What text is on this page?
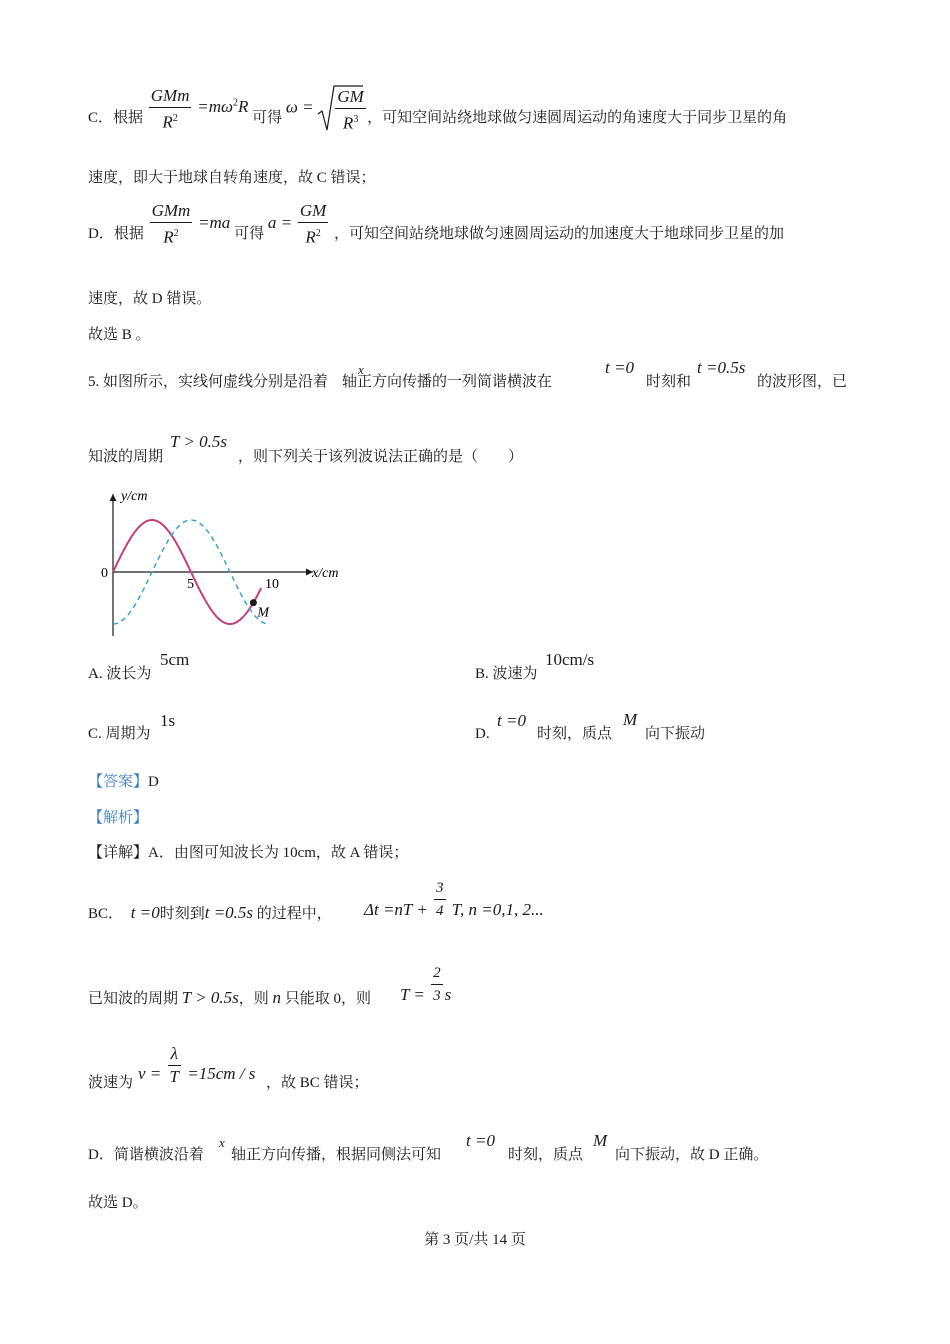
C．根据 $\frac{\text{GMm}}{R^2} =m\omega^2R$ 可得 $\omega = \frac{GM}{R^3}$ ，可知空间站绕地球做匀速圆周运动的角速度大于同步卫星的角
速度，即大于地球自转角速度，故 C 错误；
D．根据 $\frac{\text{GMm}}{R^2} =ma$ 可得 $a = \frac{GM}{R^2}$ ，可知空间站绕地球做匀速圆周运动的加速度大于地球同步卫星的加
速度，故 D 错误。
故选 B 。
5. 如图所示，实线何虚线分别是沿着
x
轴正方向传播的一列简谐横波在
t =0
时刻和
t =0.5s
的波形图，已
知波的周期
T > 0.5s
，则下列关于该列波说法正确的是（　　）
y/cm
x/cm
0
5	10
M
A. 波长为
5cm
B. 波速为
10cm/s
C. 周期为
1s
D.
t =0
时刻，质点
M
向下振动
【答案】D
【解析】
【详解】A．由图可知波长为 10cm，故 A 错误；
BC． t =0时刻到t =0.5s 的过程中， $\Delta t =nT + \frac{3}{4} T$, n =0,1, 2...
已知波的周期 T > 0.5s，则 n 只能取 0，则 $T = \frac{2}{3}$ s
波速为 $v = \frac{\lambda}{T} =15cm / s$ ，故 BC 错误；
D．简谐横波沿着
x
轴正方向传播，根据同侧法可知
t =0
时刻，质点
M
向下振动，故 D 正确。
故选 D。
第 3 页/共 14 页
